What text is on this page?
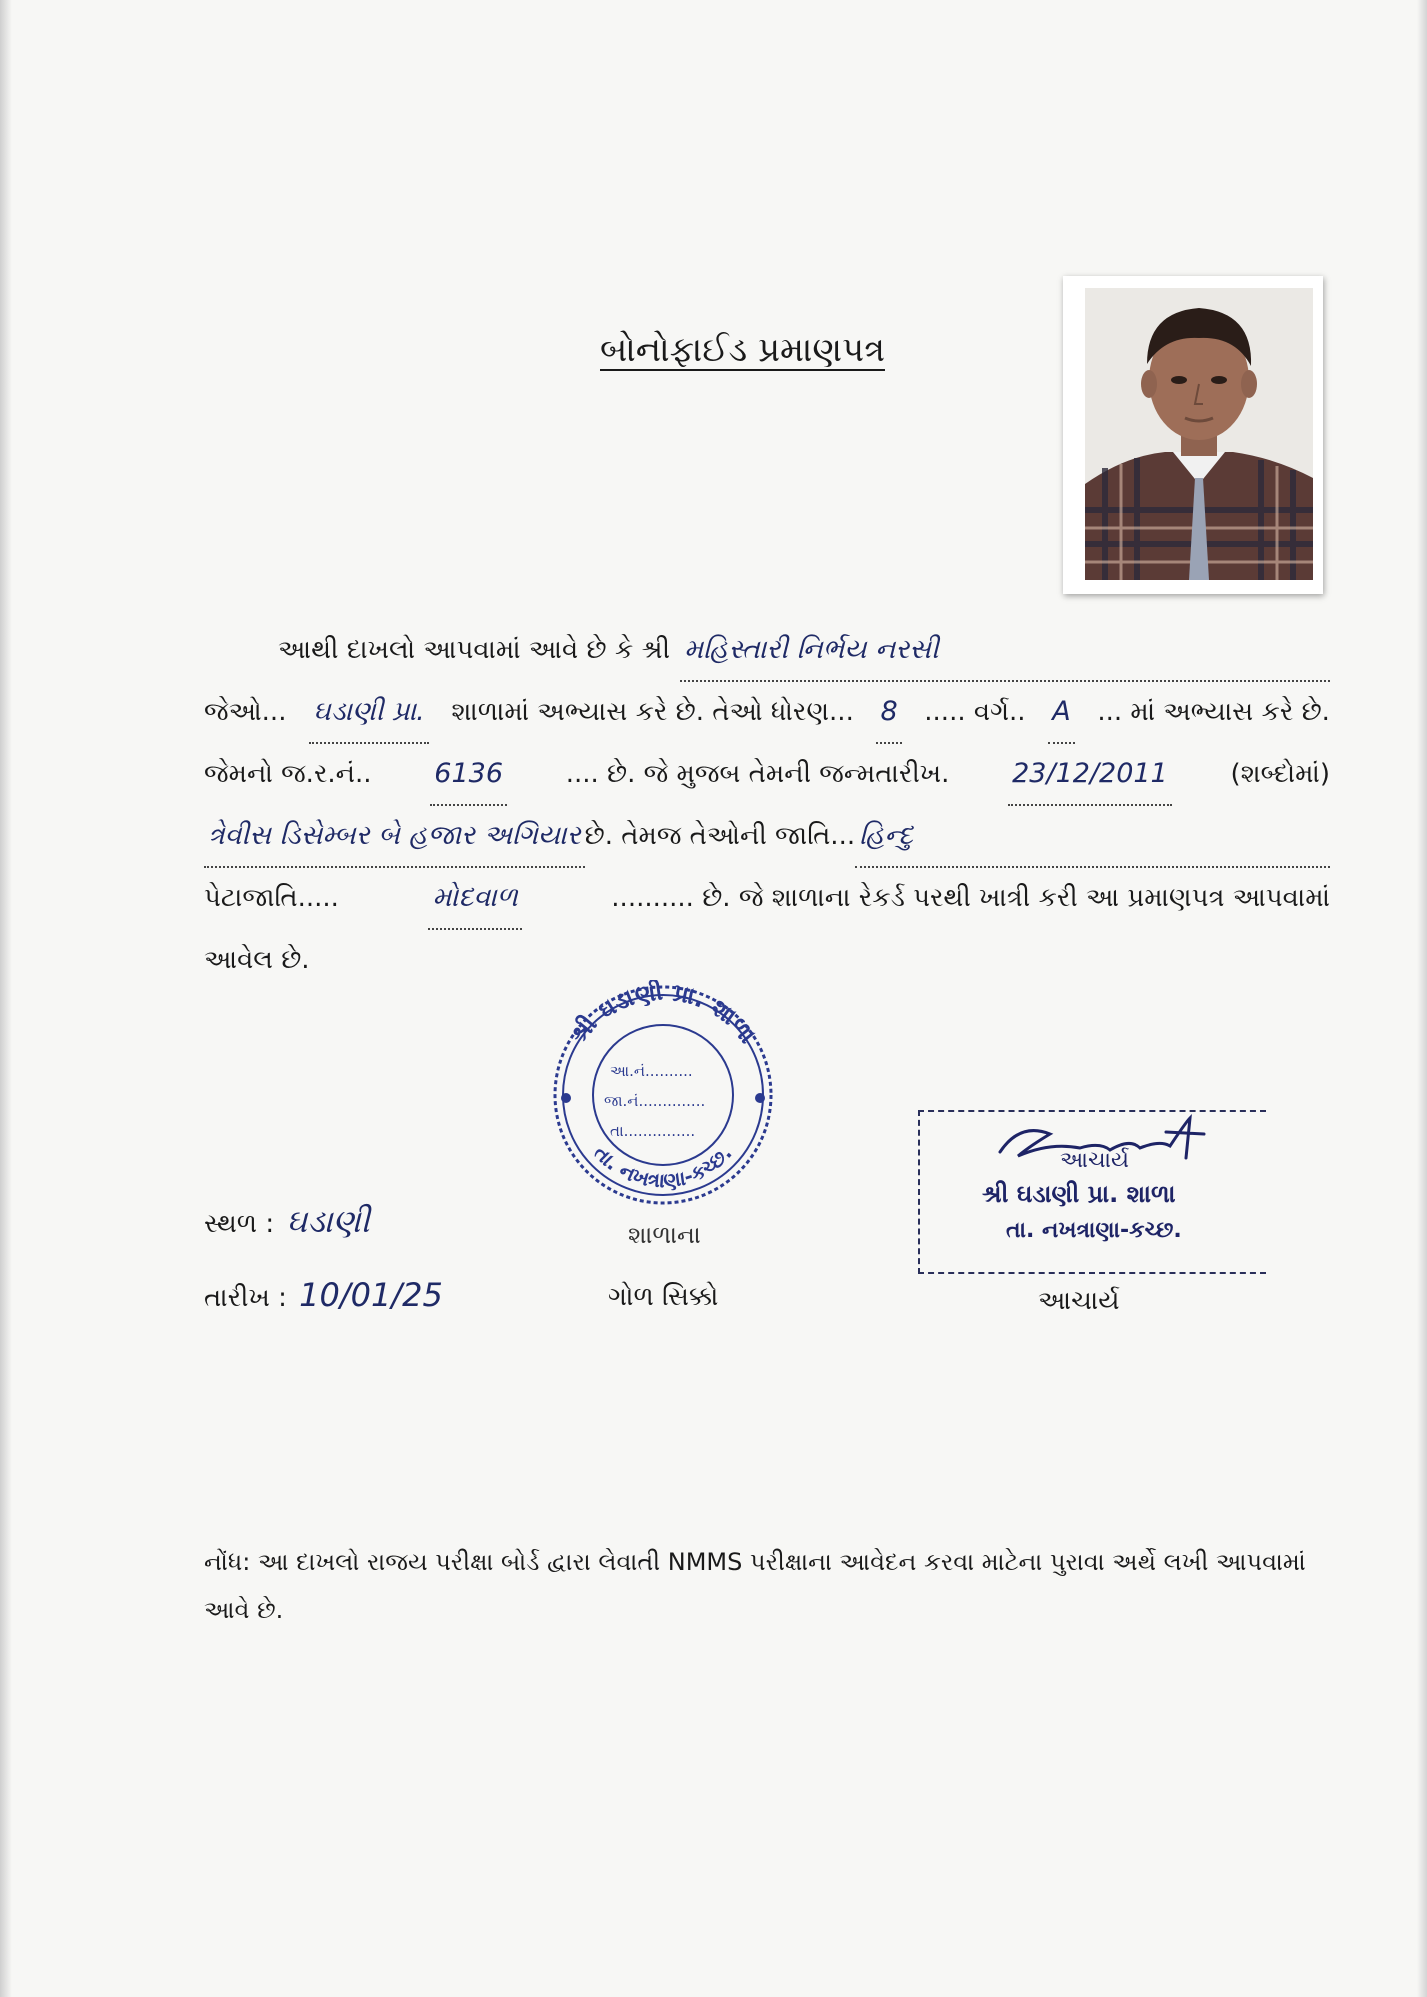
બોનોફાઈડ પ્રમાણપત્ર
આથી દાખલો આપવામાં આવે છે કે શ્રી મહિસ્તારી નિર્ભય નરસી
જેઓ... ઘડાણી પ્રા. શાળામાં અભ્યાસ કરે છે. તેઓ ધોરણ... 8 ..... વર્ગ.. A ... માં અભ્યાસ કરે છે.
જેમનો જ.ર.નં.. 6136 .... છે. જે મુજબ તેમની જન્મતારીખ. 23/12/2011 (શબ્દોમાં)
ત્રેવીસ ડિસેમ્બર બે હજાર અગિયાર છે. તેમજ તેઓની જાતિ... હિન્દુ
પેટાજાતિ.....	મોદવાળ	.......... છે. જે શાળાના રેકર્ડ પરથી ખાત્રી કરી આ પ્રમાણપત્ર આપવામાં
આવેલ છે.
શ્રી ઘડાણી પ્રા. શાળા
તા. નખત્રાણા-કચ્છ.
આ.નં..........
જા.નં..............
તા...............
શાળાના
ગોળ સિક્કો
આચાર્ય
શ્રી ઘડાણી પ્રા. શાળા
તા. નખત્રાણા-કચ્છ.
આચાર્ય
સ્થળ : ઘડાણી
તારીખ : 10/01/25
નોંધ: આ દાખલો રાજય પરીક્ષા બોર્ડ દ્વારા લેવાતી NMMS પરીક્ષાના આવેદન કરવા માટેના પુરાવા અર્થે લખી આપવામાં આવે છે.
